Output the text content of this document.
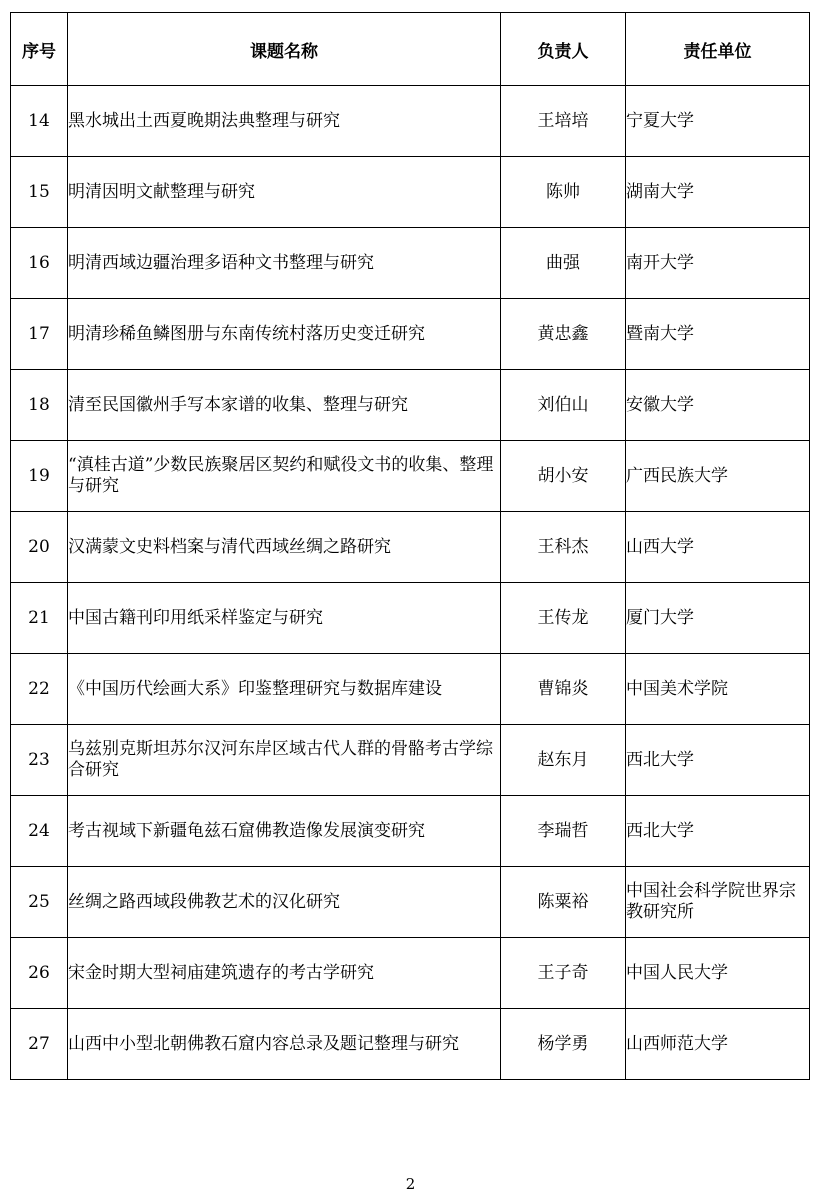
序号	课题名称	负责人	责任单位
14	黑水城出土西夏晚期法典整理与研究	王培培	宁夏大学
15	明清因明文献整理与研究	陈帅	湖南大学
16	明清西域边疆治理多语种文书整理与研究	曲强	南开大学
17	明清珍稀鱼鳞图册与东南传统村落历史变迁研究	黄忠鑫	暨南大学
18	清至民国徽州手写本家谱的收集、整理与研究	刘伯山	安徽大学
19	“滇桂古道”少数民族聚居区契约和赋役文书的收集、整理与研究	胡小安	广西民族大学
20	汉满蒙文史料档案与清代西域丝绸之路研究	王科杰	山西大学
21	中国古籍刊印用纸采样鉴定与研究	王传龙	厦门大学
22	《中国历代绘画大系》印鉴整理研究与数据库建设	曹锦炎	中国美术学院
23	乌兹别克斯坦苏尔汉河东岸区域古代人群的骨骼考古学综合研究	赵东月	西北大学
24	考古视域下新疆龟兹石窟佛教造像发展演变研究	李瑞哲	西北大学
25	丝绸之路西域段佛教艺术的汉化研究	陈粟裕	中国社会科学院世界宗教研究所
26	宋金时期大型祠庙建筑遗存的考古学研究	王子奇	中国人民大学
27	山西中小型北朝佛教石窟内容总录及题记整理与研究	杨学勇	山西师范大学
2
